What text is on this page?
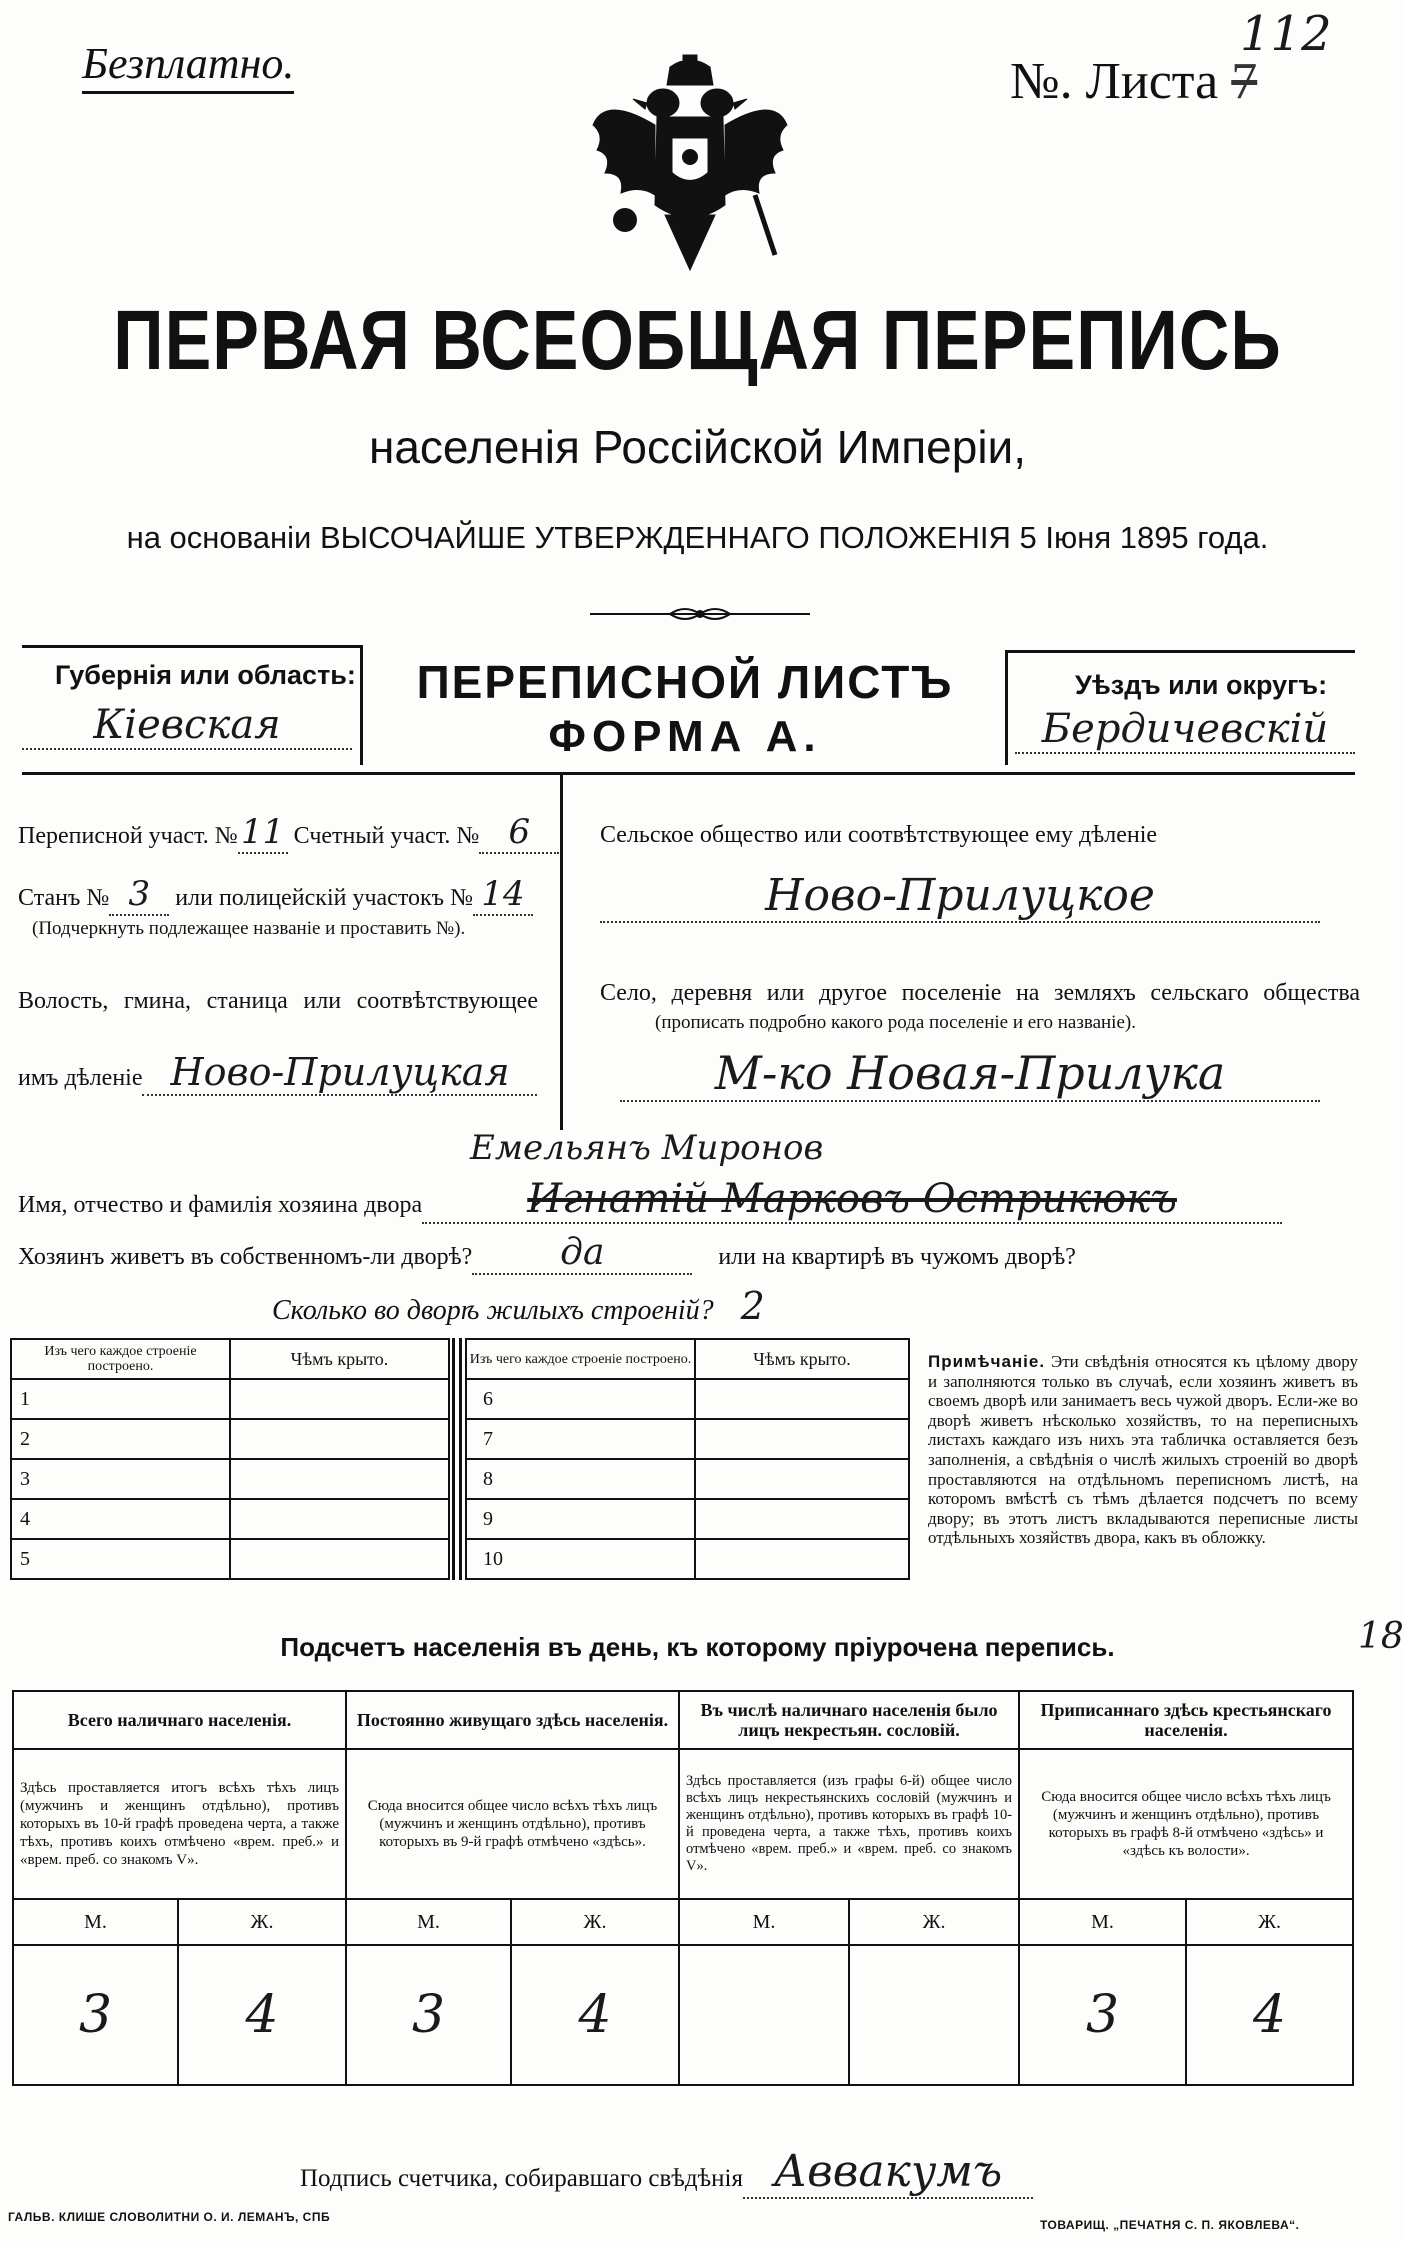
Безплатно.	№. Листа 7
112
ПЕРВАЯ ВСЕОБЩАЯ ПЕРЕПИСЬ
населенія Россійской Имперіи,
на основаніи ВЫСОЧАЙШЕ УТВЕРЖДЕННАГО ПОЛОЖЕНІЯ 5 Іюня 1895 года.
Губернія или область:
Кіевская
ПЕРЕПИСНОЙ ЛИСТЪ
ФОРМА А.
Уѣздъ или округъ:
Бердичевскій
Переписной участ. №11 Счетный участ. № 6
Станъ № 3 или полицейскій участокъ № 14
(Подчеркнуть подлежащее названіе и проставить №).
Волость, гмина, станица или соотвѣтствующее
имъ дѣленіе Ново-Прилуцкая
Сельское общество или соотвѣтствующее ему дѣленіе
Ново-Прилуцкое
Село, деревня или другое поселеніе на земляхъ сельскаго общества
(прописать подробно какого рода поселеніе и его названіе).
М-ко Новая-Прилука
Емельянъ Миронов
Имя, отчество и фамилія хозяина двора	Игнатій Марковъ Острикюкъ
Хозяинъ живетъ въ собственномъ-ли дворѣ? да	или на квартирѣ въ чужомъ дворѣ?
Сколько во дворѣ жилыхъ строеній? 2
Изъ чего каждое строеніе построено.	Чѣмъ крыто.
1	
2	
3	
4	
5	
Изъ чего каждое строеніе построено.	Чѣмъ крыто.
6	
7	
8	
9	
10	
Примѣчаніе. Эти свѣдѣнія относятся къ цѣлому двору и заполняются только въ случаѣ, если хозяинъ живетъ въ своемъ дворѣ или занимаетъ весь чужой дворъ. Если-же во дворѣ живетъ нѣсколько хозяйствъ, то на переписныхъ листахъ каждаго изъ нихъ эта табличка оставляется безъ заполненія, а свѣдѣнія о числѣ жилыхъ строеній во дворѣ проставляются на отдѣльномъ переписномъ листѣ, на которомъ вмѣстѣ съ тѣмъ дѣлается подсчетъ по всему двору; въ этотъ листъ вкладываются переписные листы отдѣльныхъ хозяйствъ двора, какъ въ обложку.
Подсчетъ населенія въ день, къ которому пріурочена перепись.	18
Всего наличнаго населенія.		Постоянно живущаго здѣсь населенія.		Въ числѣ наличнаго населенія было лицъ некрестьян. сословій.		Приписаннаго здѣсь крестьянскаго населенія.	
Здѣсь проставляется итогъ всѣхъ тѣхъ лицъ (мужчинъ и женщинъ отдѣльно), противъ которыхъ въ 10-й графѣ проведена черта, а также тѣхъ, противъ коихъ отмѣчено «врем. преб.» и «врем. преб. со знакомъ V».		Сюда вносится общее число всѣхъ тѣхъ лицъ (мужчинъ и женщинъ отдѣльно), противъ которыхъ въ 9-й графѣ отмѣчено «здѣсь».		Здѣсь проставляется (изъ графы 6-й) общее число всѣхъ лицъ некрестьянскихъ сословій (мужчинъ и женщинъ отдѣльно), противъ которыхъ въ графѣ 10-й проведена черта, а также тѣхъ, противъ коихъ отмѣчено «врем. преб.» и «врем. преб. со знакомъ V».		Сюда вносится общее число всѣхъ тѣхъ лицъ (мужчинъ и женщинъ отдѣльно), противъ которыхъ въ графѣ 8-й отмѣчено «здѣсь» и «здѣсь къ волости».	
М.	Ж.	М.	Ж.	М.	Ж.	М.	Ж.
3	4	3	4			3	4
Подпись счетчика, собиравшаго свѣдѣнія Аввакумъ
ГАЛЬВ. КЛИШЕ СЛОВОЛИТНИ О. И. ЛЕМАНЪ, СПБ
ТОВАРИЩ. „ПЕЧАТНЯ С. П. ЯКОВЛЕВА“.
